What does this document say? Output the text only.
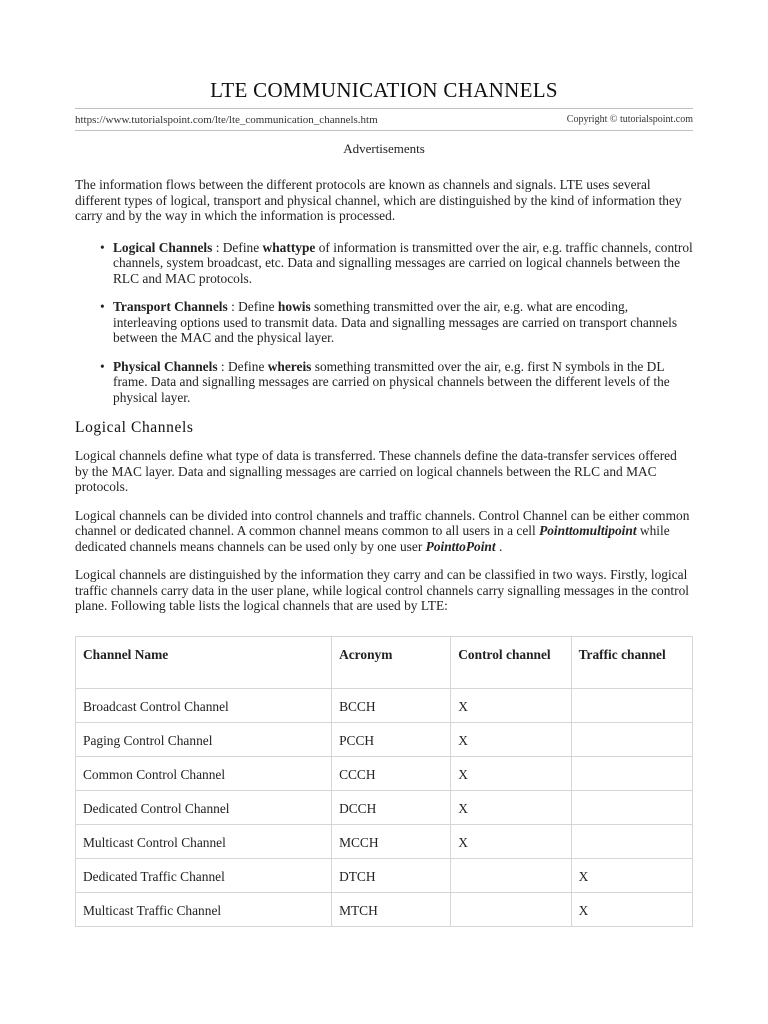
LTE COMMUNICATION CHANNELS
https://www.tutorialspoint.com/lte/lte_communication_channels.htm	Copyright © tutorialspoint.com
Advertisements

The information flows between the different protocols are known as channels and signals. LTE uses several different types of logical, transport and physical channel, which are distinguished by the kind of information they carry and by the way in which the information is processed.

• Logical Channels : Define whattype of information is transmitted over the air, e.g. traffic channels, control channels, system broadcast, etc. Data and signalling messages are carried on logical channels between the RLC and MAC protocols.
• Transport Channels : Define howis something transmitted over the air, e.g. what are encoding, interleaving options used to transmit data. Data and signalling messages are carried on transport channels between the MAC and the physical layer.
• Physical Channels : Define whereis something transmitted over the air, e.g. first N symbols in the DL frame. Data and signalling messages are carried on physical channels between the different levels of the physical layer.
Logical Channels

Logical channels define what type of data is transferred. These channels define the data-transfer services offered by the MAC layer. Data and signalling messages are carried on logical channels between the RLC and MAC protocols.

Logical channels can be divided into control channels and traffic channels. Control Channel can be either common channel or dedicated channel. A common channel means common to all users in a cell Pointtomultipoint while dedicated channels means channels can be used only by one user PointtoPoint .

Logical channels are distinguished by the information they carry and can be classified in two ways. Firstly, logical traffic channels carry data in the user plane, while logical control channels carry signalling messages in the control plane. Following table lists the logical channels that are used by LTE:

Channel Name	Acronym	Control channel	Traffic channel
Broadcast Control Channel	BCCH	X	
Paging Control Channel	PCCH	X	
Common Control Channel	CCCH	X	
Dedicated Control Channel	DCCH	X	
Multicast Control Channel	MCCH	X	
Dedicated Traffic Channel	DTCH		X
Multicast Traffic Channel	MTCH		X
